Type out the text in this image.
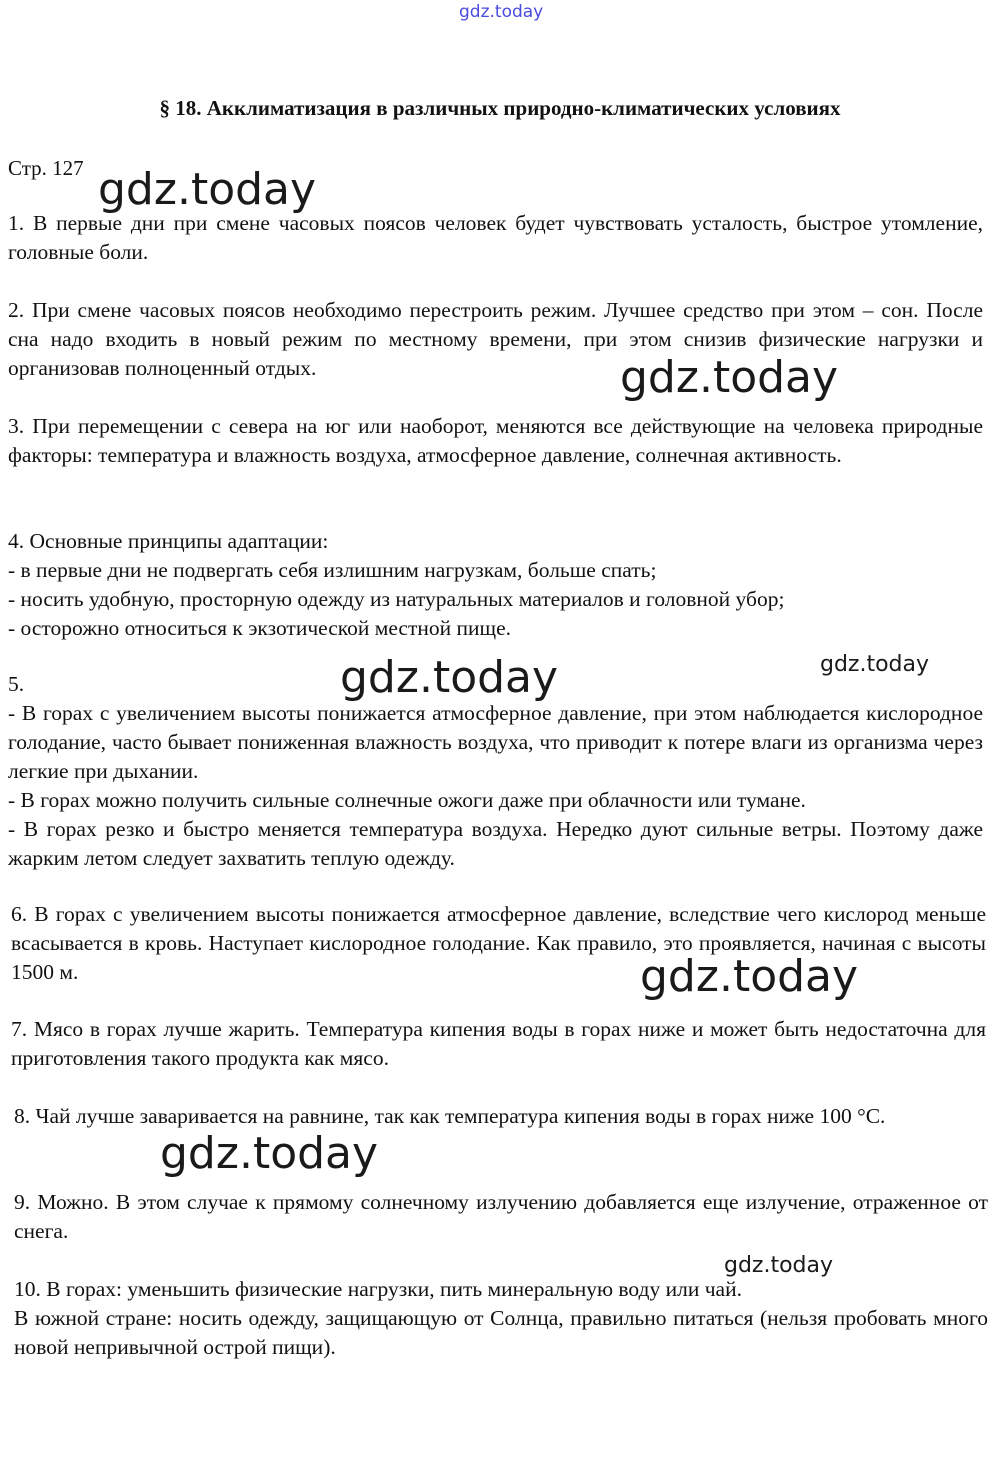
gdz.today
§ 18. Акклиматизация в различных природно-климатических условиях
Стр. 127
1. В первые дни при смене часовых поясов человек будет чувствовать усталость, быстрое утомление, головные боли.
2. При смене часовых поясов необходимо перестроить режим. Лучшее средство при этом – сон. После сна надо входить в новый режим по местному времени, при этом снизив физические нагрузки и организовав полноценный отдых.
3. При перемещении с севера на юг или наоборот, меняются все действующие на человека природные факторы: температура и влажность воздуха, атмосферное давление, солнечная активность.
4. Основные принципы адаптации:
- в первые дни не подвергать себя излишним нагрузкам, больше спать;
- носить удобную, просторную одежду из натуральных материалов и головной убор;
- осторожно относиться к экзотической местной пище.
5.
- В горах с увеличением высоты понижается атмосферное давление, при этом наблюдается кислородное голодание, часто бывает пониженная влажность воздуха, что приводит к потере влаги из организма через легкие при дыхании.
- В горах можно получить сильные солнечные ожоги даже при облачности или тумане.
- В горах резко и быстро меняется температура воздуха. Нередко дуют сильные ветры. Поэтому даже жарким летом следует захватить теплую одежду.
6. В горах с увеличением высоты понижается атмосферное давление, вследствие чего кислород меньше всасывается в кровь. Наступает кислородное голодание. Как правило, это проявляется, начиная с высоты 1500 м.
7. Мясо в горах лучше жарить. Температура кипения воды в горах ниже и может быть недостаточна для приготовления такого продукта как мясо.
8. Чай лучше заваривается на равнине, так как температура кипения воды в горах ниже 100 °С.
9. Можно. В этом случае к прямому солнечному излучению добавляется еще излучение, отраженное от снега.
10. В горах: уменьшить физические нагрузки, пить минеральную воду или чай.
В южной стране: носить одежду, защищающую от Солнца, правильно питаться (нельзя пробовать много новой непривычной острой пищи).
gdz.today
gdz.today
gdz.today	gdz.today
gdz.today
gdz.today
gdz.today
